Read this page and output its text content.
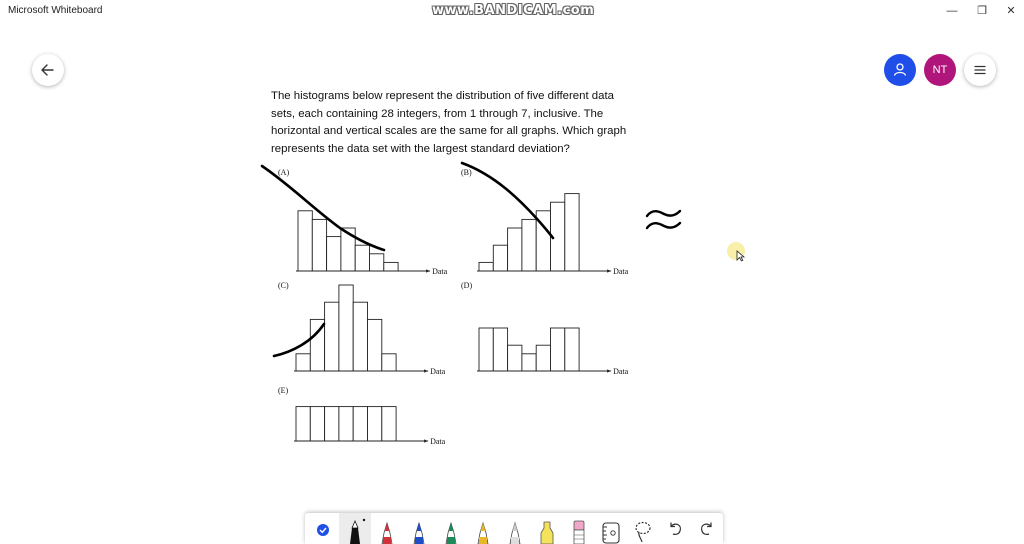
Microsoft Whiteboard	www.BANDICAM.com	—	❐	✕
NT
The histograms below represent the distribution of five different data sets, each containing 28 integers, from 1 through 7, inclusive. The horizontal and vertical scales are the same for all graphs. Which graph represents the data set with the largest standard deviation?
(A)
Data
(B)
Data
(C)
Data
(D)
Data
(E)
Data
